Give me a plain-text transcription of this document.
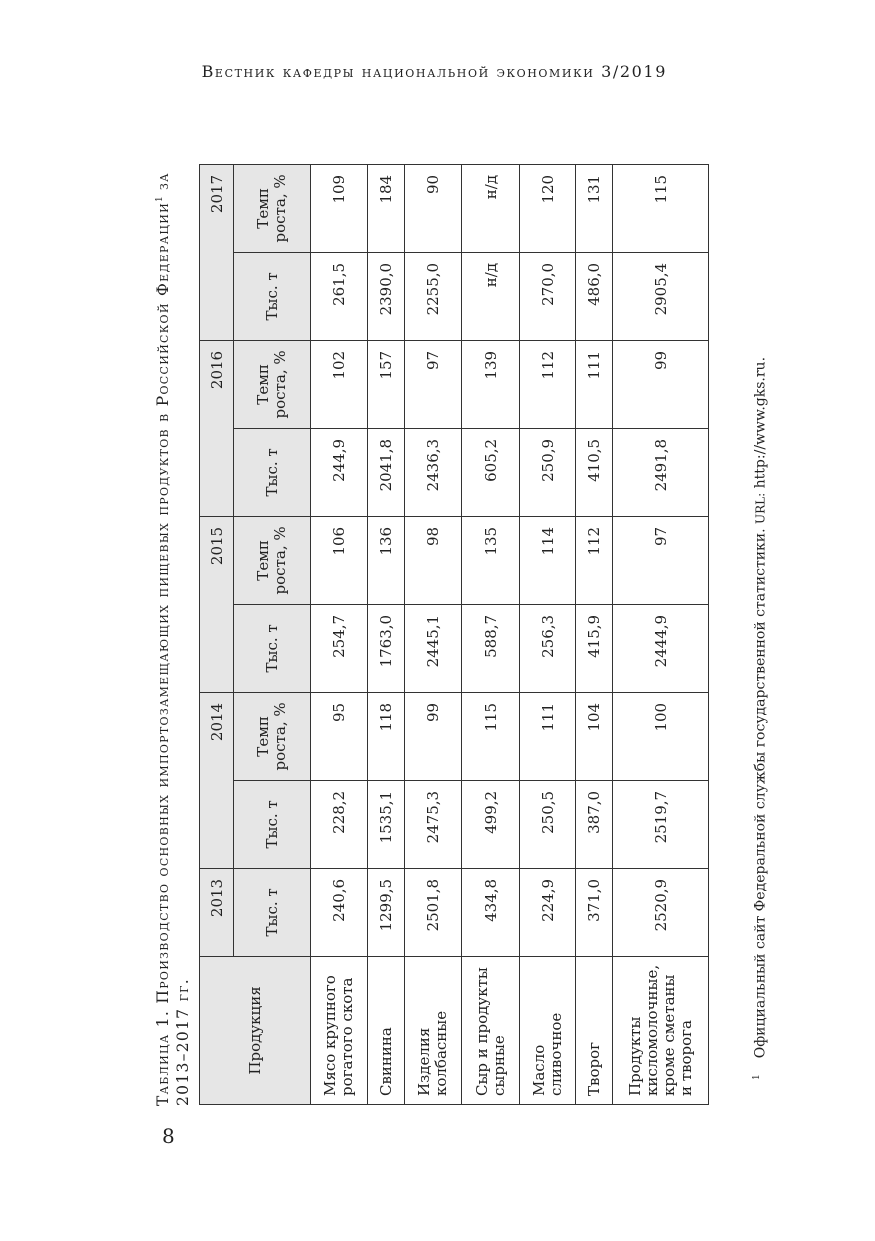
Вестник кафедры национальной экономики 3/2019
Таблица 1. Производство основных импортозамещающих пищевых продуктов в Российской Федерации$^1$ за 2013–2017 гг.	Продукция	2013	2014		2015		2016		2017	
	Тыс. т	Тыс. т	Темп роста, %	Тыс. т	Темп роста, %	Тыс. т	Темп роста, %	Тыс. т	Темп роста, %
Мясо крупного рогатого скота	240,6	228,2	95	254,7	106	244,9	102	261,5	109
Свинина	1299,5	1535,1	118	1763,0	136	2041,8	157	2390,0	184
Изделия колбасные	2501,8	2475,3	99	2445,1	98	2436,3	97	2255,0	90
Сыр и продукты сырные	434,8	499,2	115	588,7	135	605,2	139	н/д	н/д
Масло сливочное	224,9	250,5	111	256,3	114	250,9	112	270,0	120
Творог	371,0	387,0	104	415,9	112	410,5	111	486,0	131
Продукты кисломолочные, кроме сметаны и творога	2520,9	2519,7	100	2444,9	97	2491,8	99	2905,4	115
$^1$Официальный сайт Федеральной службы государственной статистики. URL: http://www.gks.ru.
8
